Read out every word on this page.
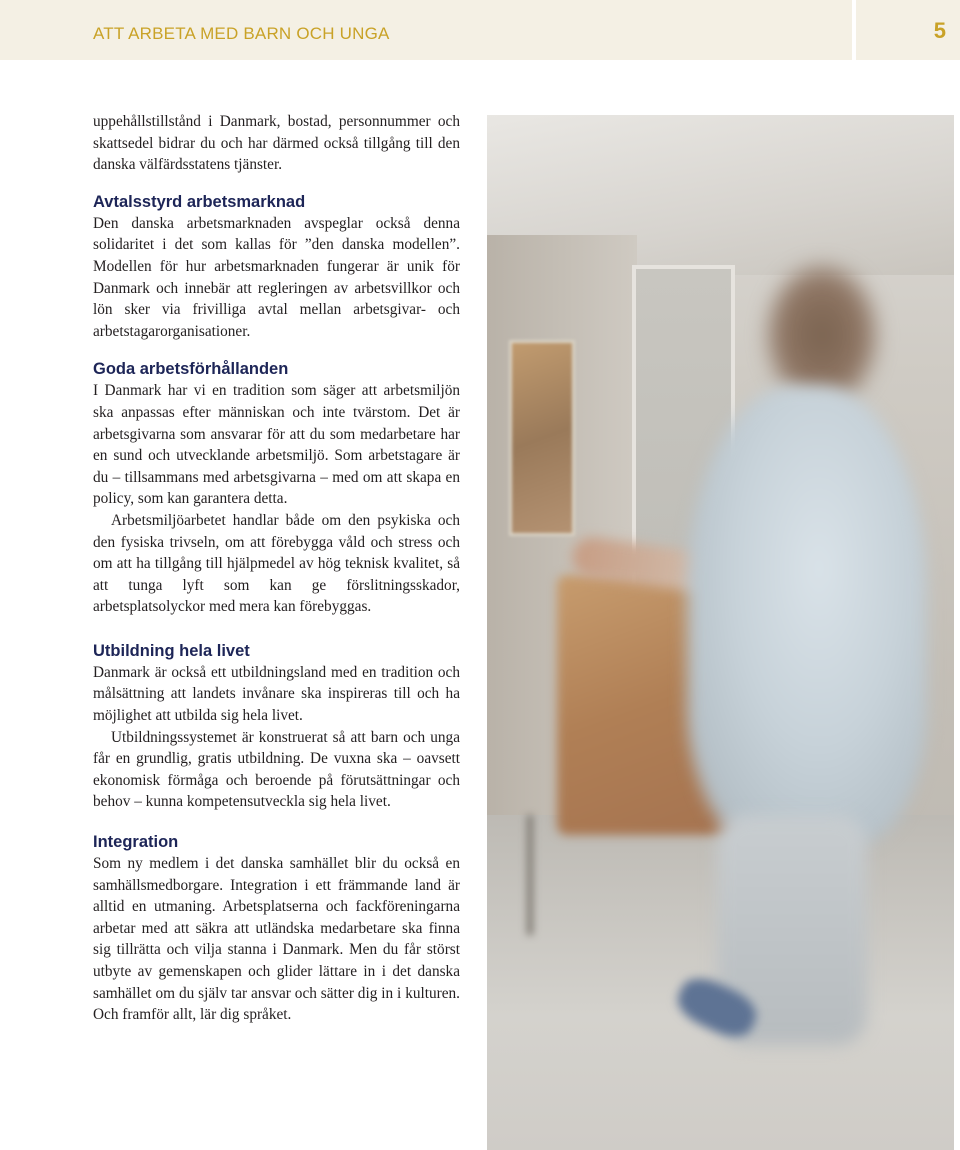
ATT ARBETA MED BARN OCH UNGA	5

uppehållstillstånd i Danmark, bostad, personnummer och skattsedel bidrar du och har därmed också tillgång till den danska välfärdsstatens tjänster.

Avtalsstyrd arbetsmarknad

Den danska arbetsmarknaden avspeglar också denna solidaritet i det som kallas för ”den danska modellen”. Modellen för hur arbetsmarknaden fungerar är unik för Danmark och innebär att regleringen av arbetsvillkor och lön sker via frivilliga avtal mellan arbetsgivar- och arbetstagarorganisationer.

Goda arbetsförhållanden

I Danmark har vi en tradition som säger att arbetsmiljön ska anpassas efter människan och inte tvärstom. Det är arbetsgivarna som ansvarar för att du som medarbetare har en sund och utvecklande arbetsmiljö. Som arbetstagare är du – tillsammans med arbetsgivarna – med om att skapa en policy, som kan garantera detta.

Arbetsmiljöarbetet handlar både om den psykiska och den fysiska trivseln, om att förebygga våld och stress och om att ha tillgång till hjälpmedel av hög teknisk kvalitet, så att tunga lyft som kan ge förslitningsskador, arbetsplatsolyckor med mera kan förebyggas.

Utbildning hela livet

Danmark är också ett utbildningsland med en tradition och målsättning att landets invånare ska inspireras till och ha möjlighet att utbilda sig hela livet.

Utbildningssystemet är konstruerat så att barn och unga får en grundlig, gratis utbildning. De vuxna ska – oavsett ekonomisk förmåga och beroende på förutsättningar och behov – kunna kompetensutveckla sig hela livet.

Integration

Som ny medlem i det danska samhället blir du också en samhällsmedborgare. Integration i ett främmande land är alltid en utmaning. Arbetsplatserna och fackföreningarna arbetar med att säkra att utländska medarbetare ska finna sig tillrätta och vilja stanna i Danmark. Men du får störst utbyte av gemenskapen och glider lättare in i det danska samhället om du själv tar ansvar och sätter dig in i kulturen. Och framför allt, lär dig språket.
